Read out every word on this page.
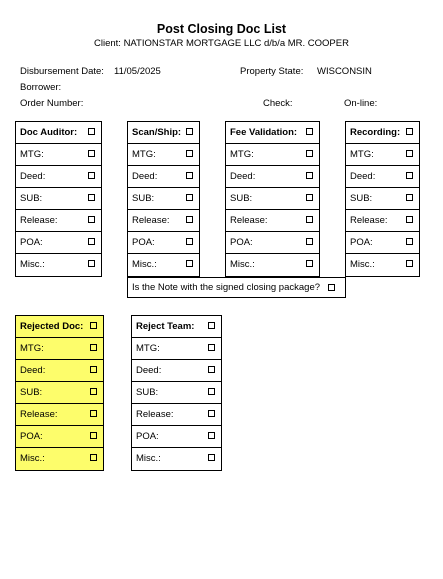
Post Closing Doc List
Client: NATIONSTAR MORTGAGE LLC d/b/a MR. COOPER
Disbursement Date: 11/05/2025	Property State: WISCONSIN
Borrower:
Order Number:	Check:	On-line:
Doc Auditor:
MTG:
Deed:
SUB:
Release:
POA:
Misc.:
Scan/Ship:
MTG:
Deed:
SUB:
Release:
POA:
Misc.:
Fee Validation:
MTG:
Deed:
SUB:
Release:
POA:
Misc.:
Recording:
MTG:
Deed:
SUB:
Release:
POA:
Misc.:
Is the Note with the signed closing package?
Rejected Doc:
MTG:
Deed:
SUB:
Release:
POA:
Misc.:
Reject Team:
MTG:
Deed:
SUB:
Release:
POA:
Misc.:
